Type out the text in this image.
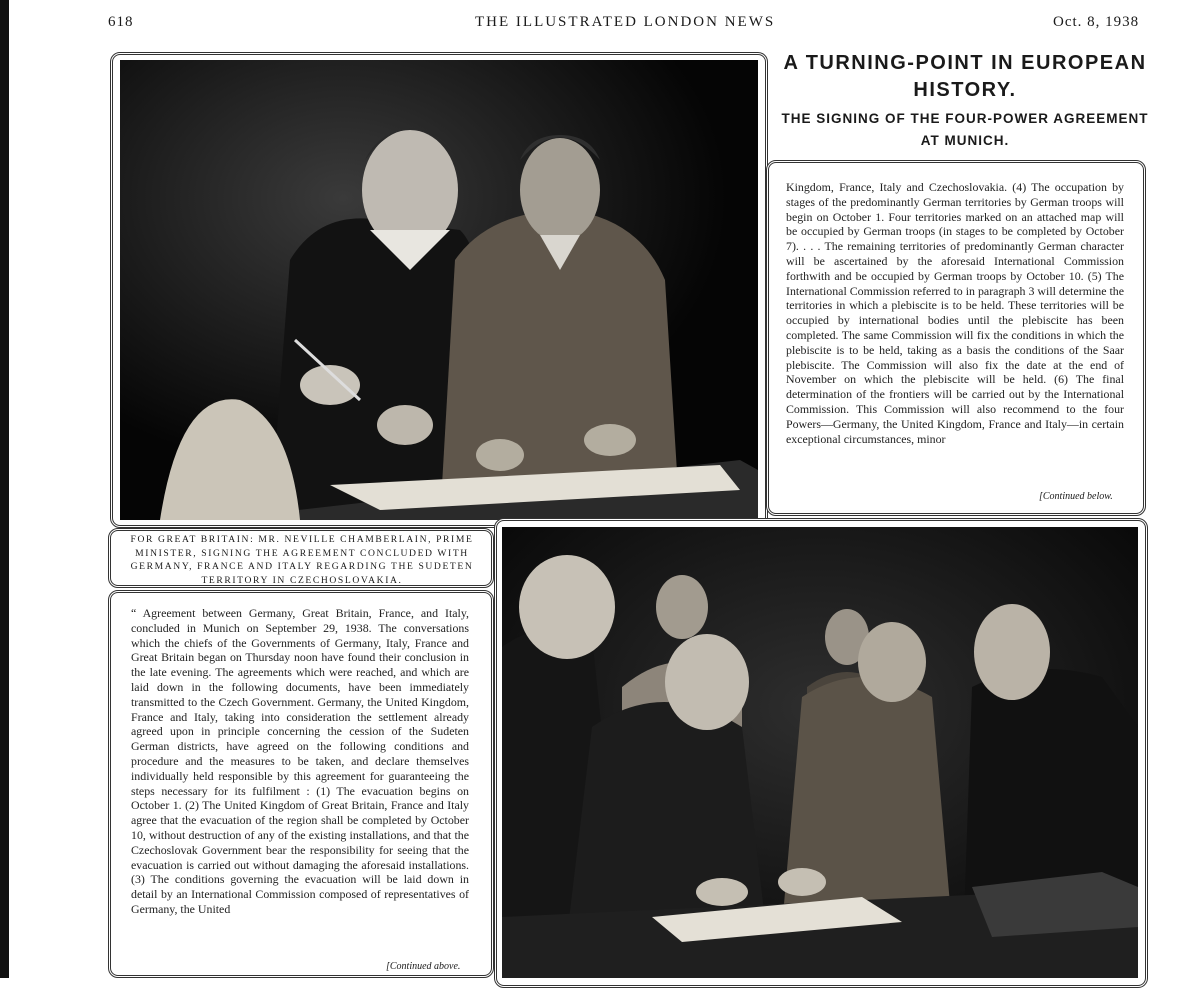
618	THE ILLUSTRATED LONDON NEWS	Oct. 8, 1938
A TURNING-POINT IN EUROPEAN HISTORY.
THE SIGNING OF THE FOUR-POWER AGREEMENT AT MUNICH.
Kingdom, France, Italy and Czechoslovakia. (4) The occupation by stages of the predominantly German territories by German troops will begin on October 1. Four territories marked on an attached map will be occupied by German troops (in stages to be completed by October 7). . . . The remaining territories of predominantly German character will be ascertained by the aforesaid International Commission forthwith and be occupied by German troops by October 10. (5) The International Commission referred to in paragraph 3 will determine the territories in which a plebiscite is to be held. These territories will be occupied by international bodies until the plebiscite has been completed. The same Commission will fix the conditions in which the plebiscite is to be held, taking as a basis the conditions of the Saar plebiscite. The Commission will also fix the date at the end of November on which the plebiscite will be held. (6) The final determination of the frontiers will be carried out by the International Commission. This Commission will also recommend to the four Powers—Germany, the United Kingdom, France and Italy—in certain exceptional circumstances, minor
[Continued below.
FOR GREAT BRITAIN: MR. NEVILLE CHAMBERLAIN, PRIME MINISTER, SIGNING THE AGREEMENT CONCLUDED WITH GERMANY, FRANCE AND ITALY REGARDING THE SUDETEN TERRITORY IN CZECHOSLOVAKIA.
“ Agreement between Germany, Great Britain, France, and Italy, concluded in Munich on September 29, 1938. The conversations which the chiefs of the Governments of Germany, Italy, France and Great Britain began on Thursday noon have found their conclusion in the late evening. The agreements which were reached, and which are laid down in the following documents, have been immediately transmitted to the Czech Government. Germany, the United Kingdom, France and Italy, taking into consideration the settlement already agreed upon in principle concerning the cession of the Sudeten German districts, have agreed on the following conditions and procedure and the measures to be taken, and declare themselves individually held responsible by this agreement for guaranteeing the steps necessary for its fulfilment : (1) The evacuation begins on October 1. (2) The United Kingdom of Great Britain, France and Italy agree that the evacuation of the region shall be completed by October 10, without destruction of any of the existing installations, and that the Czechoslovak Government bear the responsibility for seeing that the evacuation is carried out without damaging the aforesaid installations. (3) The conditions governing the evacuation will be laid down in detail by an International Commission composed of representatives of Germany, the United
[Continued above.
